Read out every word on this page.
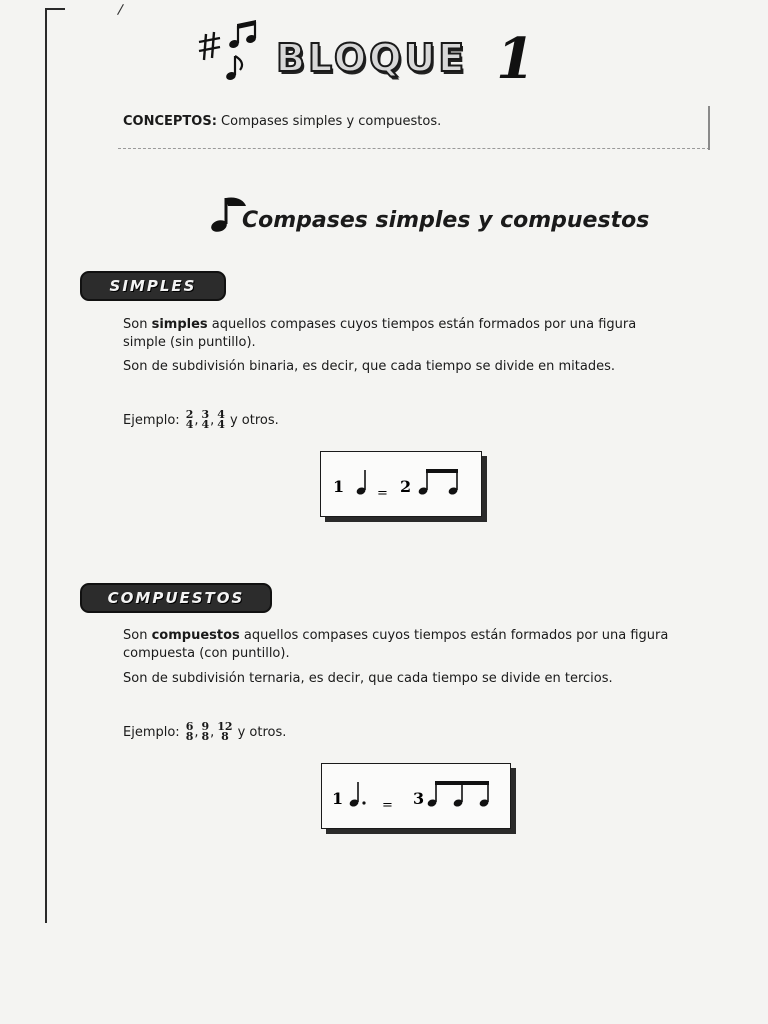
/
BLOQUE 1
CONCEPTOS: Compases simples y compuestos.
Compases simples y compuestos
SIMPLES
Son simples aquellos compases cuyos tiempos están formados por una figura simple (sin puntillo).
Son de subdivisión binaria, es decir, que cada tiempo se divide en mitades.
Ejemplo: 2
4 , 3
4 , 4
4 y otros.
1	= 2
COMPUESTOS
Son compuestos aquellos compases cuyos tiempos están formados por una figura compuesta (con puntillo).
Son de subdivisión ternaria, es decir, que cada tiempo se divide en tercios.
Ejemplo: 6
8 , 9
8 , 12
8 y otros.
1	= 3
